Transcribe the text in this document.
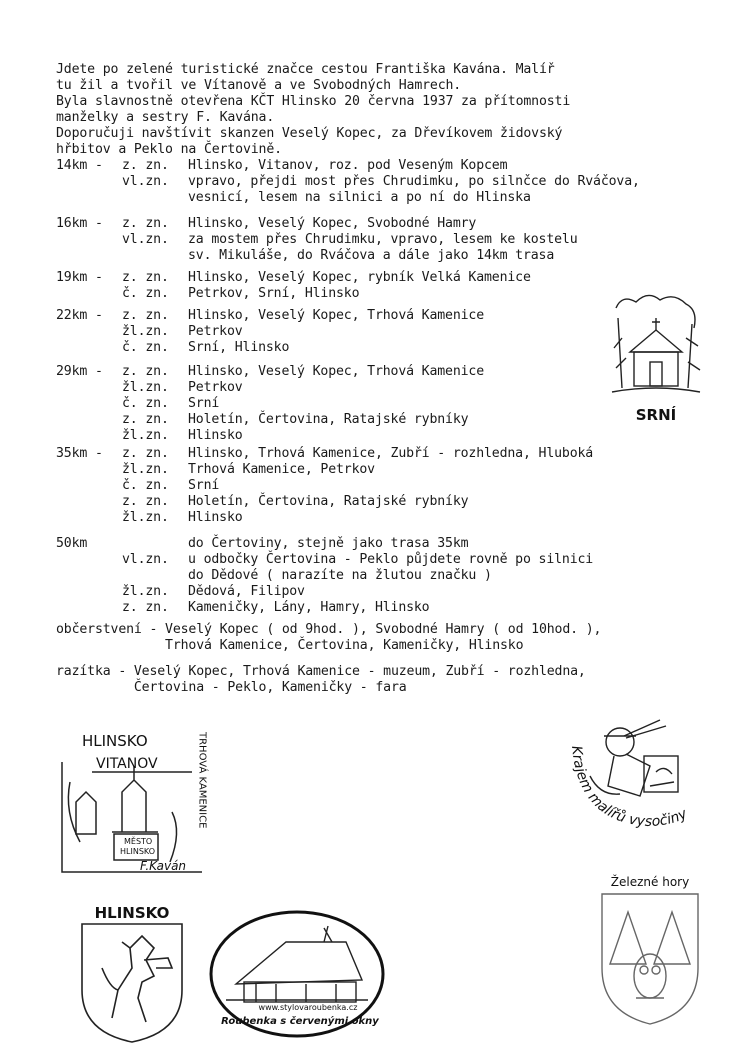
Jdete po zelené turistické značce cestou Františka Kavána. Malíř
tu žil a tvořil ve Vítanově a ve Svobodných Hamrech.
Byla slavnostně otevřena KČT Hlinsko 20 června 1937 za přítomnosti
manželky a sestry F. Kavána.
Doporučuji navštívit skanzen Veselý Kopec, za Dřevíkovem židovský
hřbitov a Peklo na Čertovině.
14km -	z. zn.	Hlinsko, Vitanov, roz. pod Veseným Kopcem
vl.zn.	vpravo, přejdi most přes Chrudimku, po silnčce do Rváčova,
vesnicí, lesem na silnici a po ní do Hlinska
16km -	z. zn.	Hlinsko, Veselý Kopec, Svobodné Hamry
vl.zn.	za mostem přes Chrudimku, vpravo, lesem ke kostelu
sv. Mikuláše, do Rváčova a dále jako 14km trasa
19km -	z. zn.	Hlinsko, Veselý Kopec, rybník Velká Kamenice
č. zn.	Petrkov, Srní, Hlinsko
22km -	z. zn.	Hlinsko, Veselý Kopec, Trhová Kamenice
žl.zn.	Petrkov
č. zn.	Srní, Hlinsko
29km -	z. zn.	Hlinsko, Veselý Kopec, Trhová Kamenice
žl.zn.	Petrkov
č. zn.	Srní
z. zn.	Holetín, Čertovina, Ratajské rybníky
žl.zn.	Hlinsko
35km -	z. zn.	Hlinsko, Trhová Kamenice, Zubří - rozhledna, Hluboká
žl.zn.	Trhová Kamenice, Petrkov
č. zn.	Srní
z. zn.	Holetín, Čertovina, Ratajské rybníky
žl.zn.	Hlinsko
50km	do Čertoviny, stejně jako trasa 35km
vl.zn.	u odbočky Čertovina - Peklo půjdete rovně po silnici
do Dědové ( narazíte na žlutou značku )
žl.zn.	Dědová, Filipov
z. zn.	Kameničky, Lány, Hamry, Hlinsko
občerstvení - Veselý Kopec ( od 9hod. ), Svobodné Hamry ( od 10hod. ),
Trhová Kamenice, Čertovina, Kameničky, Hlinsko
razítka - Veselý Kopec, Trhová Kamenice - muzeum, Zubří - rozhledna,
Čertovina - Peklo, Kameničky - fara
SRNÍ
HLINSKO
VITANOV	TRHOVÁ KAMENICE
MĚSTO
HLINSKO
F.Kaván
Krajem malířů vysočiny
Železné hory
HLINSKO
www.stylovaroubenka.cz
Roubenka s červenými okny
